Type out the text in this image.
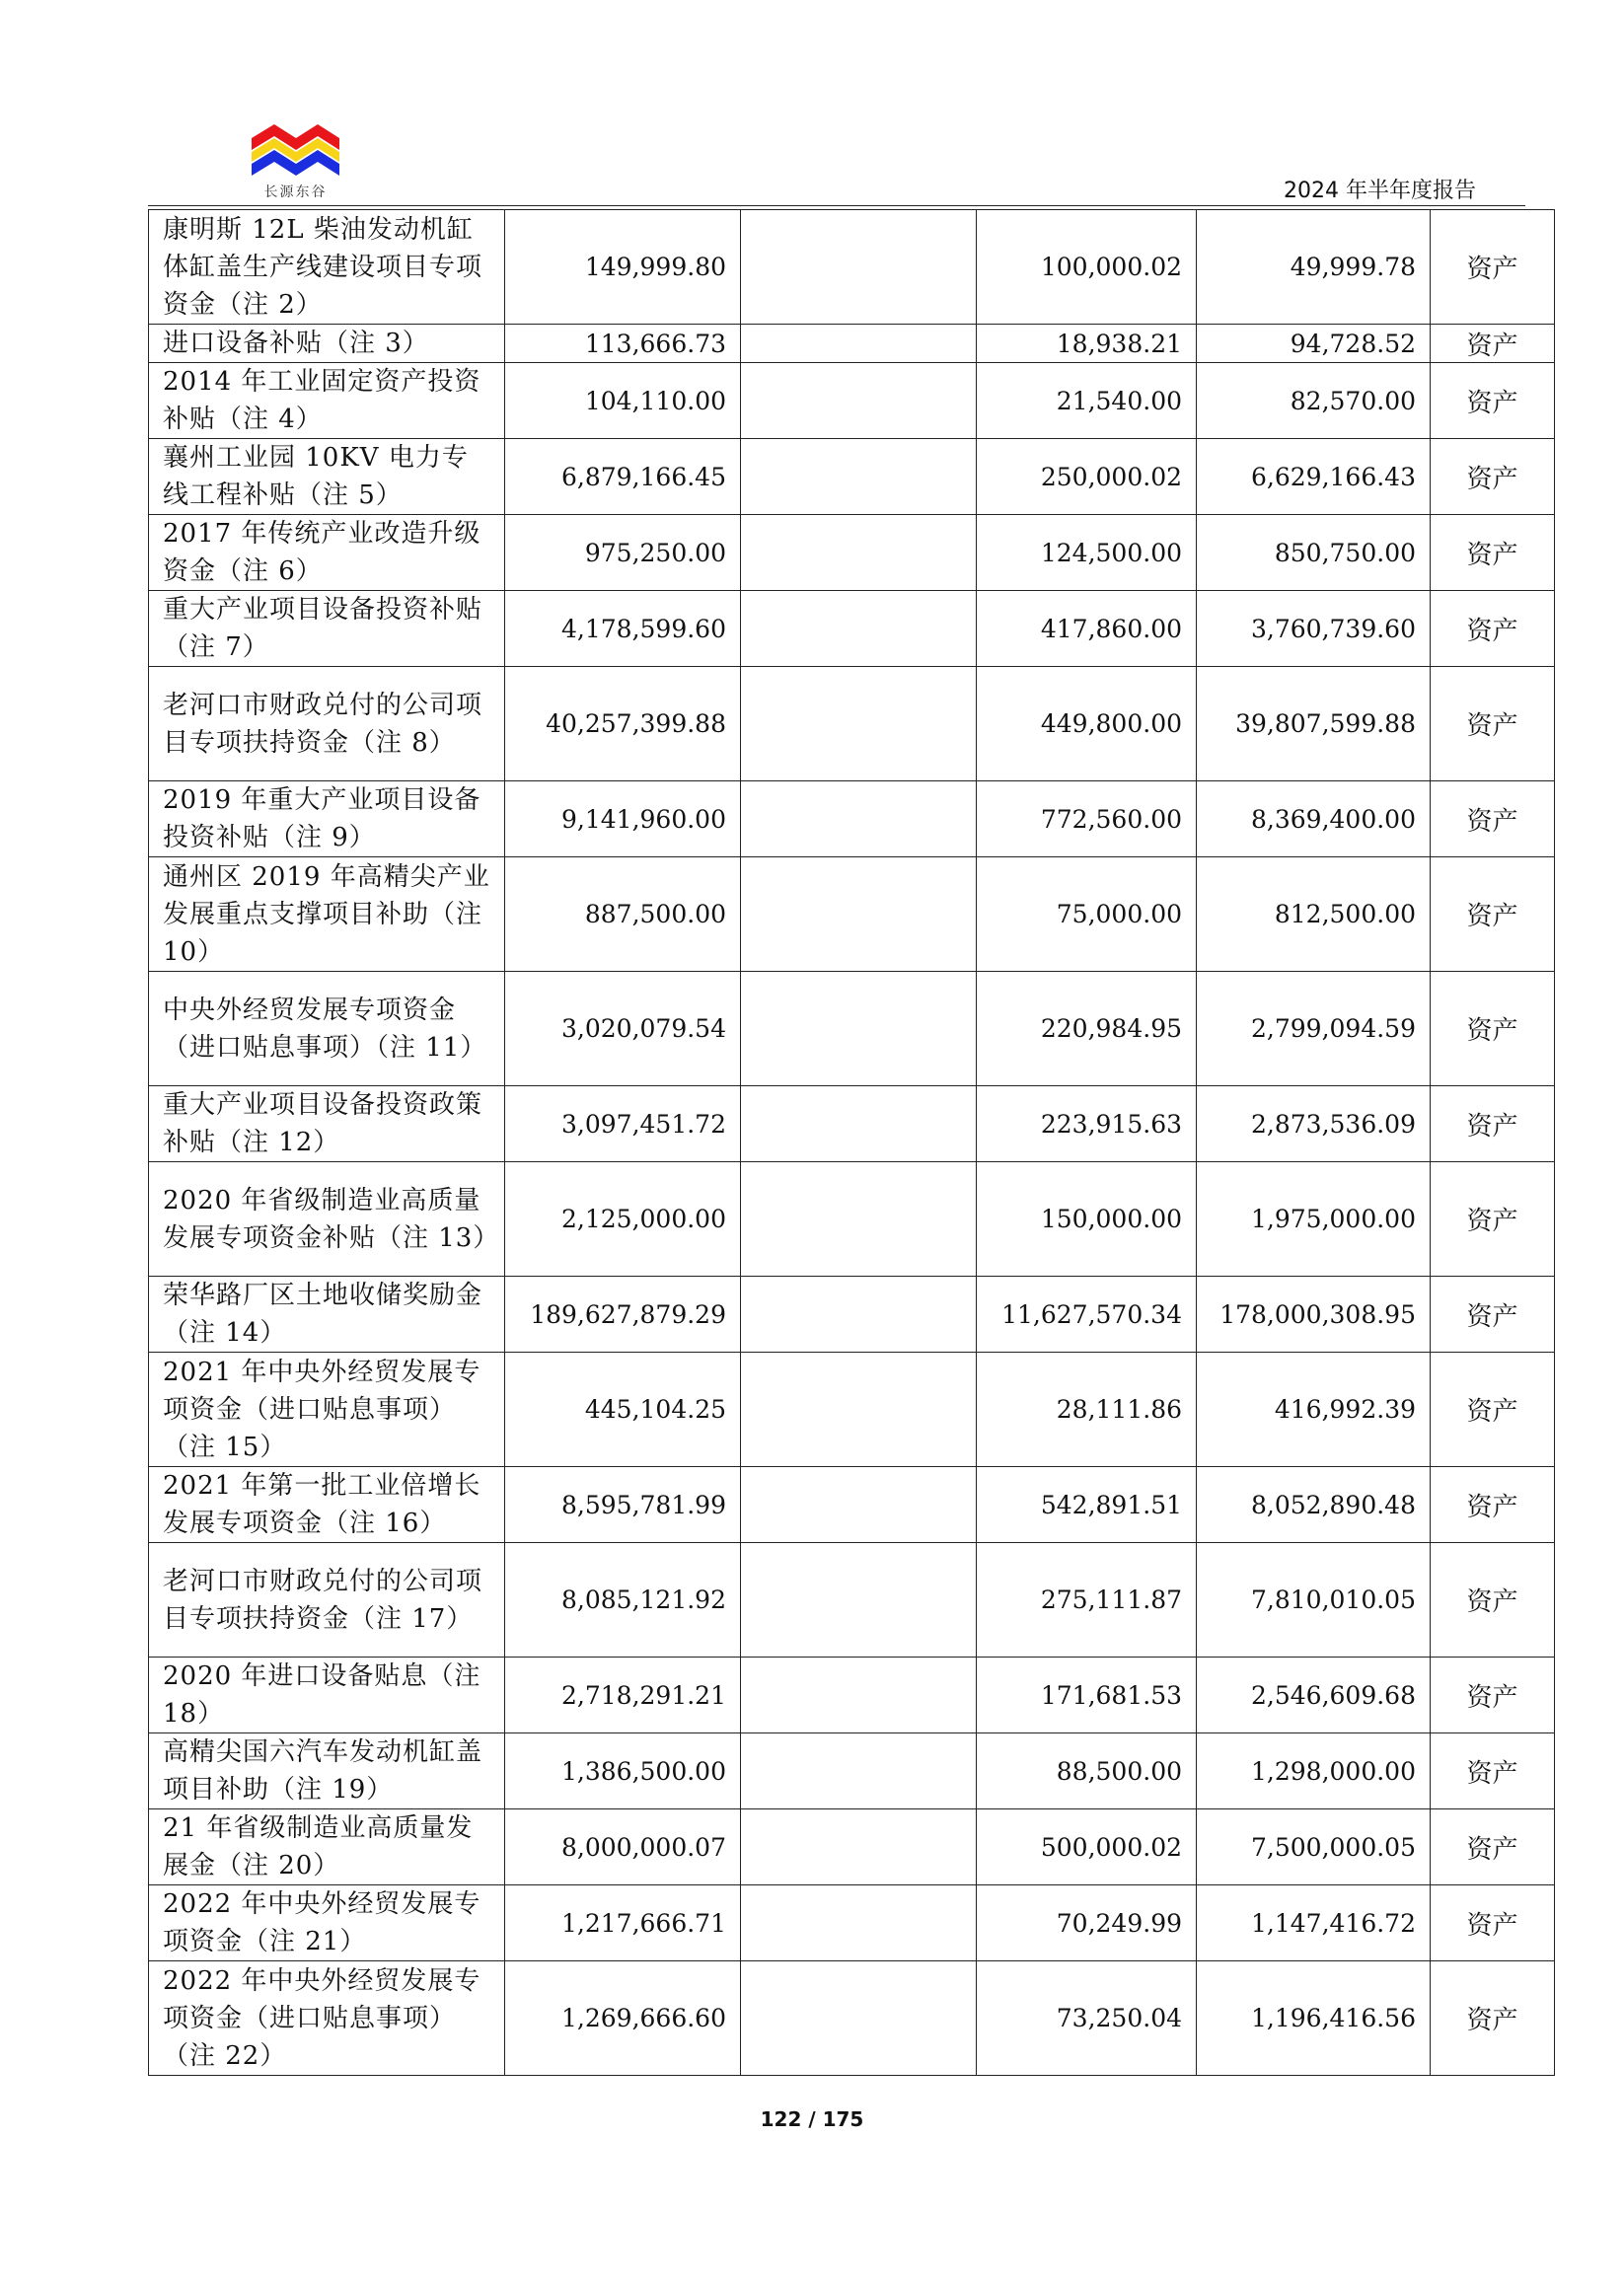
长源东谷	2024 年半年度报告
康明斯 12L 柴油发动机缸体缸盖生产线建设项目专项资金（注 2）	149,999.80		100,000.02	49,999.78	资产
进口设备补贴（注 3）	113,666.73		18,938.21	94,728.52	资产
2014 年工业固定资产投资补贴（注 4）	104,110.00		21,540.00	82,570.00	资产
襄州工业园 10KV 电力专线工程补贴（注 5）	6,879,166.45		250,000.02	6,629,166.43	资产
2017 年传统产业改造升级资金（注 6）	975,250.00		124,500.00	850,750.00	资产
重大产业项目设备投资补贴（注 7）	4,178,599.60		417,860.00	3,760,739.60	资产
老河口市财政兑付的公司项目专项扶持资金（注 8）	40,257,399.88		449,800.00	39,807,599.88	资产
2019 年重大产业项目设备投资补贴（注 9）	9,141,960.00		772,560.00	8,369,400.00	资产
通州区 2019 年高精尖产业发展重点支撑项目补助（注 10）	887,500.00		75,000.00	812,500.00	资产
中央外经贸发展专项资金（进口贴息事项）（注 11）	3,020,079.54		220,984.95	2,799,094.59	资产
重大产业项目设备投资政策补贴（注 12）	3,097,451.72		223,915.63	2,873,536.09	资产
2020 年省级制造业高质量发展专项资金补贴（注 13）	2,125,000.00		150,000.00	1,975,000.00	资产
荣华路厂区土地收储奖励金（注 14）	189,627,879.29		11,627,570.34	178,000,308.95	资产
2021 年中央外经贸发展专项资金（进口贴息事项）（注 15）	445,104.25		28,111.86	416,992.39	资产
2021 年第一批工业倍增长发展专项资金（注 16）	8,595,781.99		542,891.51	8,052,890.48	资产
老河口市财政兑付的公司项目专项扶持资金（注 17）	8,085,121.92		275,111.87	7,810,010.05	资产
2020 年进口设备贴息（注 18）	2,718,291.21		171,681.53	2,546,609.68	资产
高精尖国六汽车发动机缸盖项目补助（注 19）	1,386,500.00		88,500.00	1,298,000.00	资产
21 年省级制造业高质量发展金（注 20）	8,000,000.07		500,000.02	7,500,000.05	资产
2022 年中央外经贸发展专项资金（注 21）	1,217,666.71		70,249.99	1,147,416.72	资产
2022 年中央外经贸发展专项资金（进口贴息事项）（注 22）	1,269,666.60		73,250.04	1,196,416.56	资产
122 / 175
